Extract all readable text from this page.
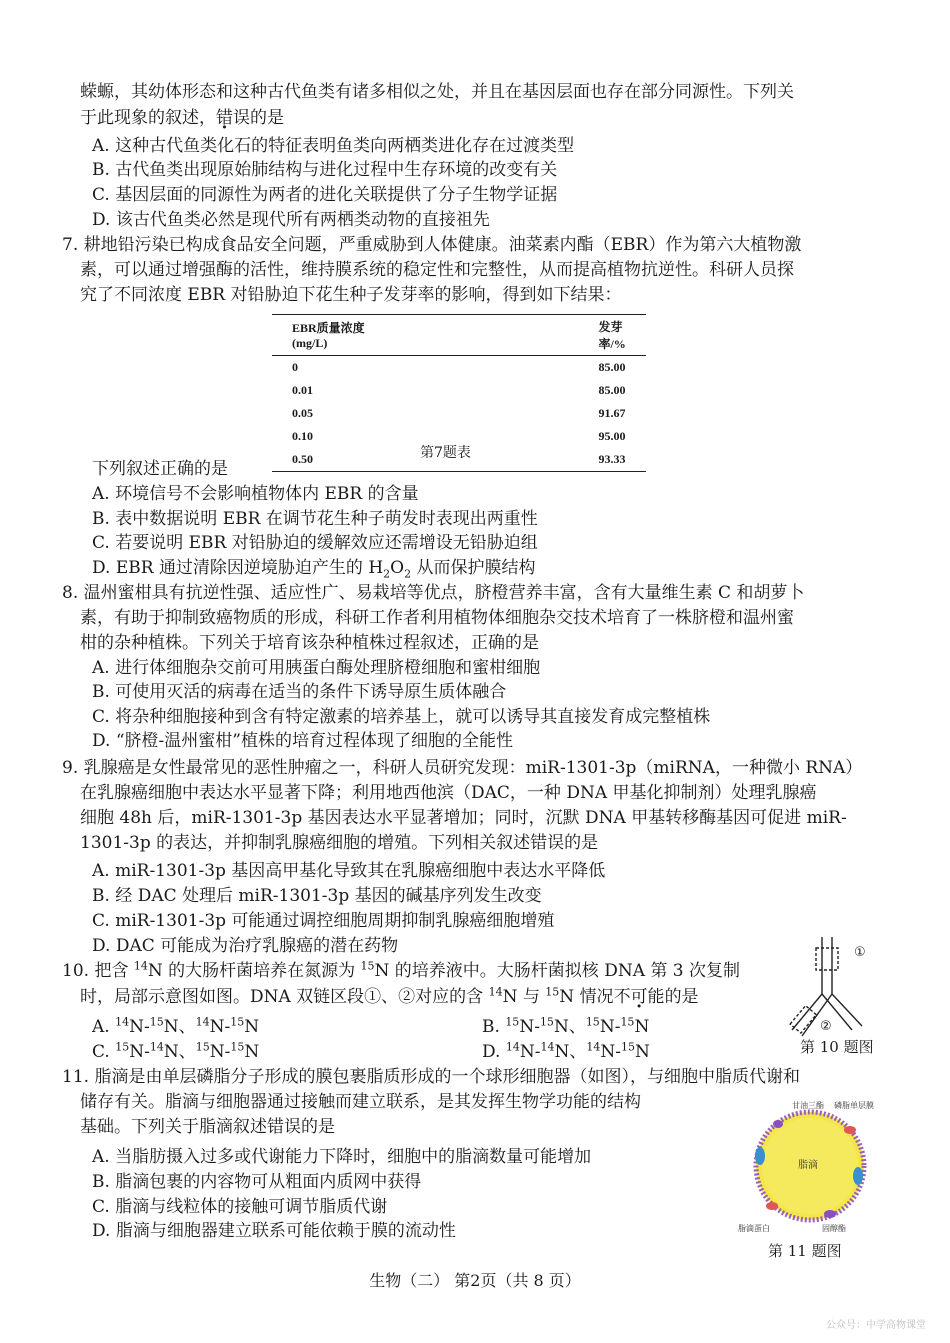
蝾螈，其幼体形态和这种古代鱼类有诸多相似之处，并且在基因层面也存在部分同源性。下列关
于此现象的叙述，错误的是
A. 这种古代鱼类化石的特征表明鱼类向两栖类进化存在过渡类型
B. 古代鱼类出现原始肺结构与进化过程中生存环境的改变有关
C. 基因层面的同源性为两者的进化关联提供了分子生物学证据
D. 该古代鱼类必然是现代所有两栖类动物的直接祖先
7. 耕地铅污染已构成食品安全问题，严重威胁到人体健康。油菜素内酯（EBR）作为第六大植物激
素，可以通过增强酶的活性，维持膜系统的稳定性和完整性，从而提高植物抗逆性。科研人员探
究了不同浓度 EBR 对铅胁迫下花生种子发芽率的影响，得到如下结果：
EBR质量浓度(mg/L)	发芽率/%
0	85.00
0.01	85.00
0.05	91.67
0.10	95.00
0.50	93.33
第7题表
下列叙述正确的是
A. 环境信号不会影响植物体内 EBR 的含量
B. 表中数据说明 EBR 在调节花生种子萌发时表现出两重性
C. 若要说明 EBR 对铅胁迫的缓解效应还需增设无铅胁迫组
D. EBR 通过清除因逆境胁迫产生的 $H_2O_2$ 从而保护膜结构
8. 温州蜜柑具有抗逆性强、适应性广、易栽培等优点，脐橙营养丰富，含有大量维生素 C 和胡萝卜
素，有助于抑制致癌物质的形成，科研工作者利用植物体细胞杂交技术培育了一株脐橙和温州蜜
柑的杂种植株。下列关于培育该杂种植株过程叙述，正确的是
A. 进行体细胞杂交前可用胰蛋白酶处理脐橙细胞和蜜柑细胞
B. 可使用灭活的病毒在适当的条件下诱导原生质体融合
C. 将杂种细胞接种到含有特定激素的培养基上，就可以诱导其直接发育成完整植株
D. “脐橙-温州蜜柑”植株的培育过程体现了细胞的全能性
9. 乳腺癌是女性最常见的恶性肿瘤之一，科研人员研究发现：miR-1301-3p（miRNA，一种微小 RNA）
在乳腺癌细胞中表达水平显著下降；利用地西他滨（DAC，一种 DNA 甲基化抑制剂）处理乳腺癌
细胞 48h 后，miR-1301-3p 基因表达水平显著增加；同时，沉默 DNA 甲基转移酶基因可促进 miR-
1301-3p 的表达，并抑制乳腺癌细胞的增殖。下列相关叙述错误的是
A. miR-1301-3p 基因高甲基化导致其在乳腺癌细胞中表达水平降低
B. 经 DAC 处理后 miR-1301-3p 基因的碱基序列发生改变
C. miR-1301-3p 可能通过调控细胞周期抑制乳腺癌细胞增殖
D. DAC 可能成为治疗乳腺癌的潜在药物
10. 把含 $^{14}$N 的大肠杆菌培养在氮源为 $^{15}$N 的培养液中。大肠杆菌拟核 DNA 第 3 次复制
时，局部示意图如图。DNA 双链区段①、②对应的含 $^{14}$N 与 $^{15}$N 情况不可能的是
A. $^{14}$N-$^{15}$N、$^{14}$N-$^{15}$N	B. $^{15}$N-$^{15}$N、$^{15}$N-$^{15}$N
C. $^{15}$N-$^{14}$N、$^{15}$N-$^{15}$N	D. $^{14}$N-$^{14}$N、$^{14}$N-$^{15}$N
①
②
第 10 题图
11. 脂滴是由单层磷脂分子形成的膜包裹脂质形成的一个球形细胞器（如图），与细胞中脂质代谢和
储存有关。脂滴与细胞器通过接触而建立联系，是其发挥生物学功能的结构
基础。下列关于脂滴叙述错误的是
A. 当脂肪摄入过多或代谢能力下降时，细胞中的脂滴数量可能增加
B. 脂滴包裹的内容物可从粗面内质网中获得
C. 脂滴与线粒体的接触可调节脂质代谢
D. 脂滴与细胞器建立联系可能依赖于膜的流动性
甘油三酯 磷脂单层膜
脂滴
脂滴蛋白	固醇酯
第 11 题图
生物（二） 第2页（共 8 页）
公众号：中学高物课堂
